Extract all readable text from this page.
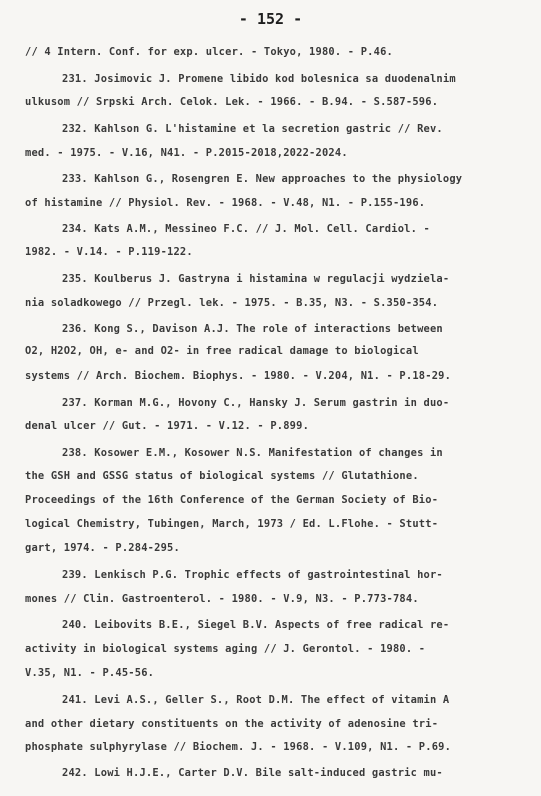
- 152 -
// 4 Intern. Conf. for exp. ulcer. - Tokyo, 1980. - P.46.
231. Josimovic J. Promene libido kod bolesnica sa duodenalnim
ulkusom // Srpski Arch. Celok. Lek. - 1966. - B.94. - S.587-596.
232. Kahlson G. L'histamine et la secretion gastric // Rev.
med. - 1975. - V.16, N41. - P.2015-2018,2022-2024.
233. Kahlson G., Rosengren E. New approaches to the physiology
of histamine // Physiol. Rev. - 1968. - V.48, N1. - P.155-196.
234. Kats A.M., Messineo F.C. // J. Mol. Cell. Cardiol. -
1982. - V.14. - P.119-122.
235. Koulberus J. Gastryna i histamina w regulacji wydziela-
nia soladkowego // Przegl. lek. - 1975. - B.35, N3. - S.350-354.
236. Kong S., Davison A.J. The role of interactions between
O2, H2O2, OH, e- and O2- in free radical damage to biological
systems // Arch. Biochem. Biophys. - 1980. - V.204, N1. - P.18-29.
237. Korman M.G., Hovony C., Hansky J. Serum gastrin in duo-
denal ulcer // Gut. - 1971. - V.12. - P.899.
238. Kosower E.M., Kosower N.S. Manifestation of changes in
the GSH and GSSG status of biological systems // Glutathione.
Proceedings of the 16th Conference of the German Society of Bio-
logical Chemistry, Tubingen, March, 1973 / Ed. L.Flohe. - Stutt-
gart, 1974. - P.284-295.
239. Lenkisch P.G. Trophic effects of gastrointestinal hor-
mones // Clin. Gastroenterol. - 1980. - V.9, N3. - P.773-784.
240. Leibovits B.E., Siegel B.V. Aspects of free radical re-
activity in biological systems aging // J. Gerontol. - 1980. -
V.35, N1. - P.45-56.
241. Levi A.S., Geller S., Root D.M. The effect of vitamin A
and other dietary constituents on the activity of adenosine tri-
phosphate sulphyrylase // Biochem. J. - 1968. - V.109, N1. - P.69.
242. Lowi H.J.E., Carter D.V. Bile salt-induced gastric mu-
